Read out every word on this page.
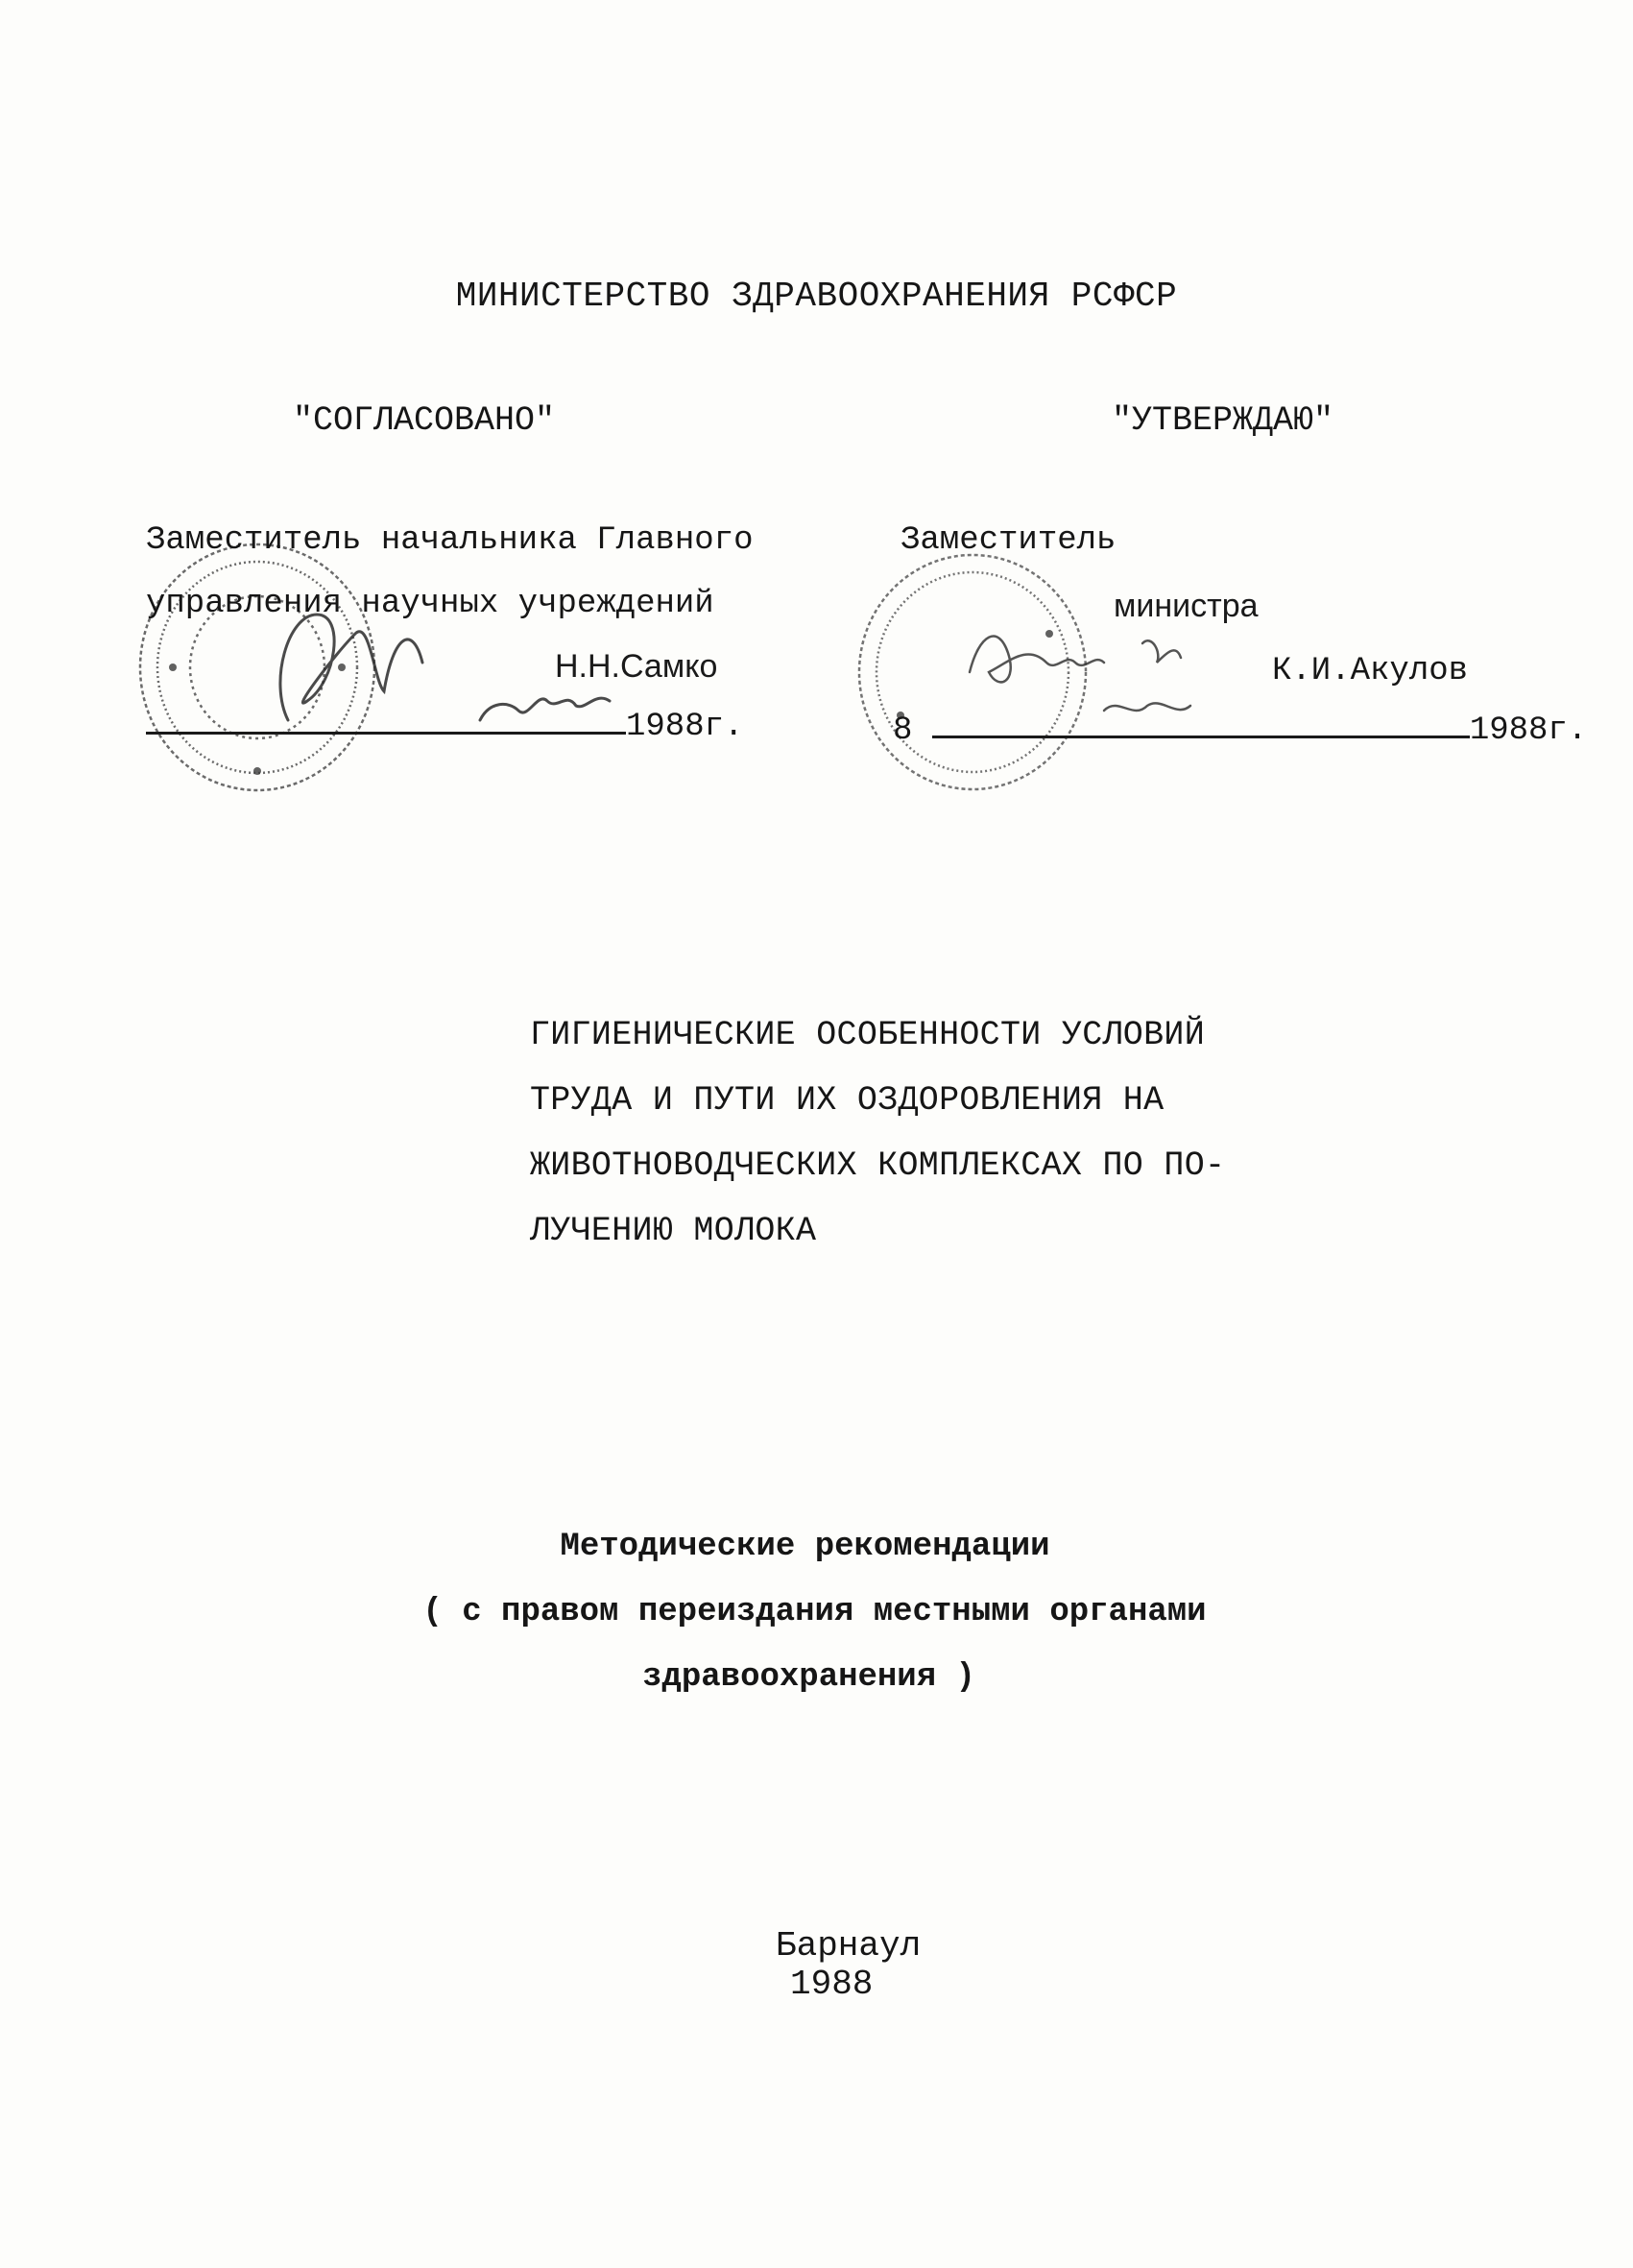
МИНИСТЕРСТВО ЗДРАВООХРАНЕНИЯ РСФСР
"СОГЛАСОВАНО"
Заместитель начальника Главного
управления научных учреждений
Н.Н.Самко
1988г.
"УТВЕРЖДАЮ"
Заместитель
министра
К.И.Акулов
8	1988г.
ГИГИЕНИЧЕСКИЕ ОСОБЕННОСТИ УСЛОВИЙ
ТРУДА И ПУТИ ИХ ОЗДОРОВЛЕНИЯ НА
ЖИВОТНОВОДЧЕСКИХ КОМПЛЕКСАХ ПО ПО-
ЛУЧЕНИЮ МОЛОКА
Методические рекомендации
( с правом переиздания местными органами
здравоохранения )
Барнаул
1988
